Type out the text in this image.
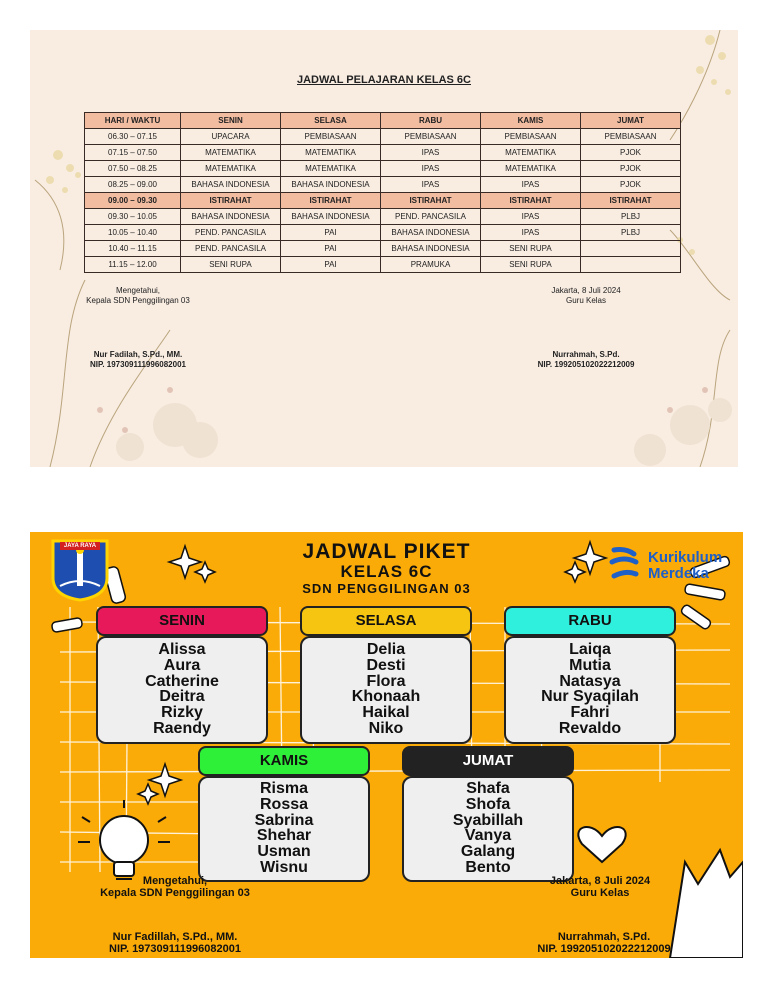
JADWAL PELAJARAN KELAS 6C
HARI / WAKTU	SENIN	SELASA	RABU	KAMIS	JUMAT
06.30 – 07.15	UPACARA	PEMBIASAAN	PEMBIASAAN	PEMBIASAAN	PEMBIASAAN
07.15 – 07.50	MATEMATIKA	MATEMATIKA	IPAS	MATEMATIKA	PJOK
07.50 – 08.25	MATEMATIKA	MATEMATIKA	IPAS	MATEMATIKA	PJOK
08.25 – 09.00	BAHASA INDONESIA	BAHASA INDONESIA	IPAS	IPAS	PJOK
09.00 – 09.30	ISTIRAHAT	ISTIRAHAT	ISTIRAHAT	ISTIRAHAT	ISTIRAHAT
09.30 – 10.05	BAHASA INDONESIA	BAHASA INDONESIA	PEND. PANCASILA	IPAS	PLBJ
10.05 – 10.40	PEND. PANCASILA	PAI	BAHASA INDONESIA	IPAS	PLBJ
10.40 – 11.15	PEND. PANCASILA	PAI	BAHASA INDONESIA	SENI RUPA	
11.15 – 12.00	SENI RUPA	PAI	PRAMUKA	SENI RUPA	
Mengetahui,
Kepala SDN Penggilingan 03
Jakarta, 8 Juli 2024
Guru Kelas
Nur Fadilah, S.Pd., MM.
NIP. 197309111996082001
Nurrahmah, S.Pd.
NIP. 199205102022212009
JAYA RAYA
Kurikulum
Merdeka
JADWAL PIKET
KELAS 6C
SDN PENGGILINGAN 03
SENIN
Alissa
Aura
Catherine
Deitra
Rizky
Raendy
SELASA
Delia
Desti
Flora
Khonaah
Haikal
Niko
RABU
Laiqa
Mutia
Natasya
Nur Syaqilah
Fahri
Revaldo
KAMIS
Risma
Rossa
Sabrina
Shehar
Usman
Wisnu
JUMAT
Shafa
Shofa
Syabillah
Vanya
Galang
Bento
Mengetahui,
Kepala SDN Penggilingan 03
Jakarta, 8 Juli 2024
Guru Kelas
Nur Fadillah, S.Pd., MM.
NIP. 197309111996082001
Nurrahmah, S.Pd.
NIP. 199205102022212009
